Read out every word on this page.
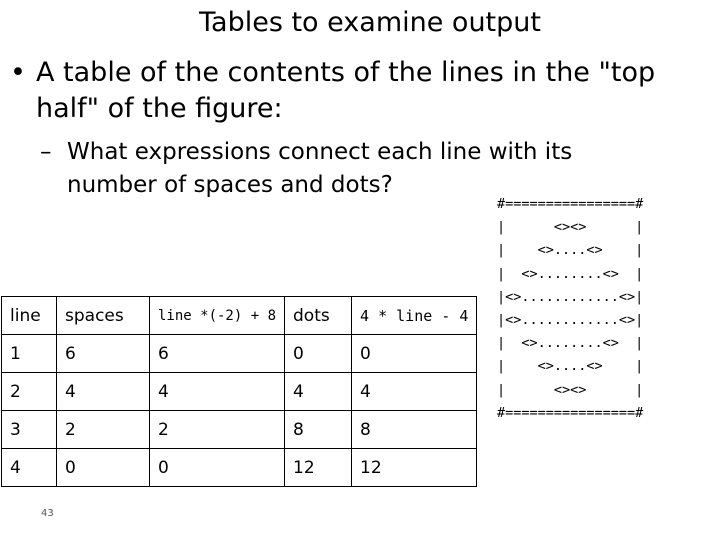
Tables to examine output
• A table of the contents of the lines in the "top half" of the figure:
– What expressions connect each line with its number of spaces and dots?
line	spaces	line *(-2) + 8	dots	4 * line - 4
1	6	6	0	0
2	4	4	4	4
3	2	2	8	8
4	0	0	12	12
#================#
|      <><>      |
|    <>....<>    |
|  <>........<>  |
|<>............<>|
|<>............<>|
|  <>........<>  |
|    <>....<>    |
|      <><>      |
#================#
43
